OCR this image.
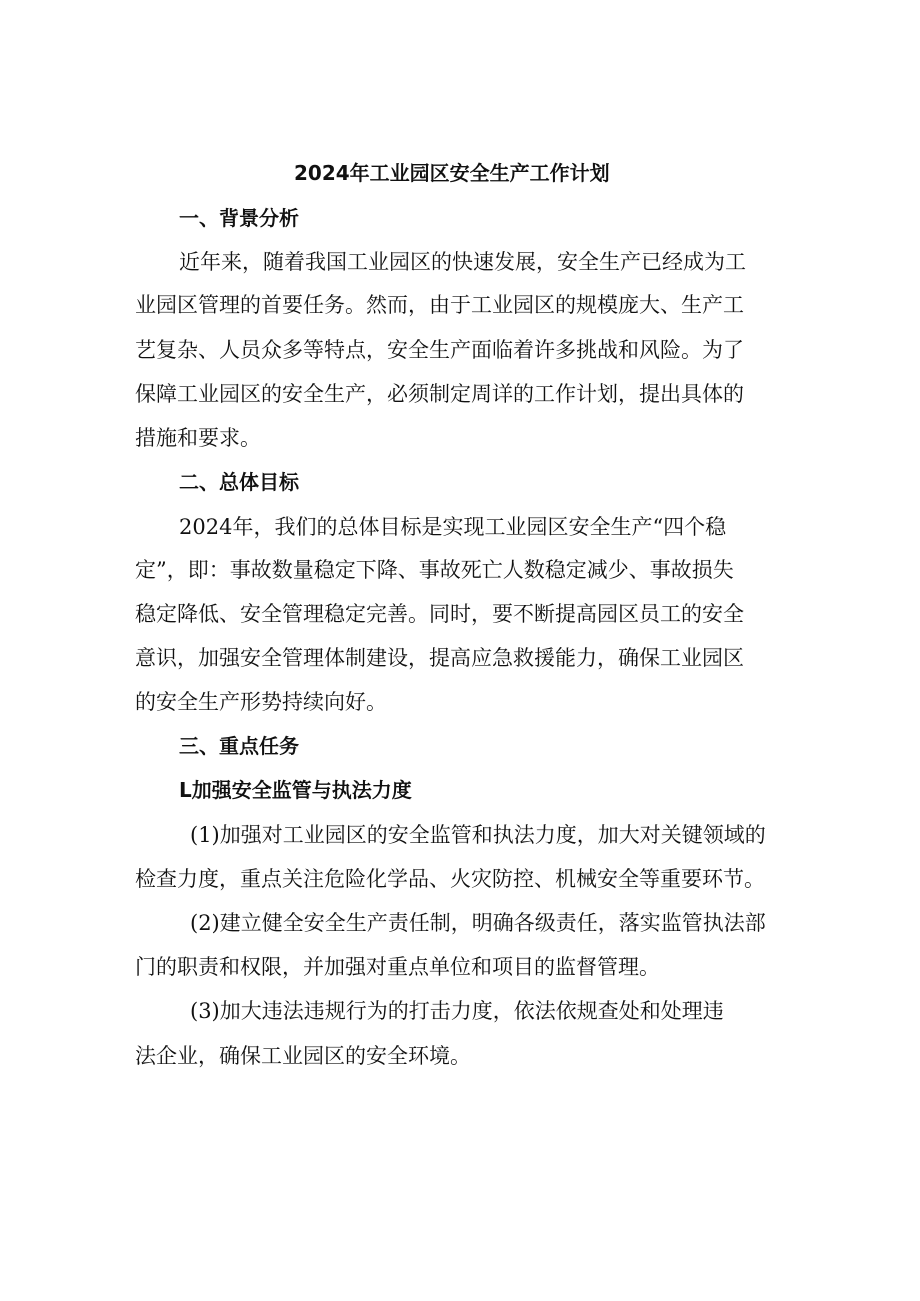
2024年工业园区安全生产工作计划
一、背景分析
近年来，随着我国工业园区的快速发展，安全生产已经成为工
业园区管理的首要任务。然而，由于工业园区的规模庞大、生产工
艺复杂、人员众多等特点，安全生产面临着许多挑战和风险。为了
保障工业园区的安全生产，必须制定周详的工作计划，提出具体的
措施和要求。
二、总体目标
2024年，我们的总体目标是实现工业园区安全生产“四个稳
定”，即：事故数量稳定下降、事故死亡人数稳定减少、事故损失
稳定降低、安全管理稳定完善。同时，要不断提高园区员工的安全
意识，加强安全管理体制建设，提高应急救援能力，确保工业园区
的安全生产形势持续向好。
三、重点任务
L加强安全监管与执法力度
(1)加强对工业园区的安全监管和执法力度，加大对关键领域的
检查力度，重点关注危险化学品、火灾防控、机械安全等重要环节。
(2)建立健全安全生产责任制，明确各级责任，落实监管执法部
门的职责和权限，并加强对重点单位和项目的监督管理。
(3)加大违法违规行为的打击力度，依法依规查处和处理违
法企业，确保工业园区的安全环境。
